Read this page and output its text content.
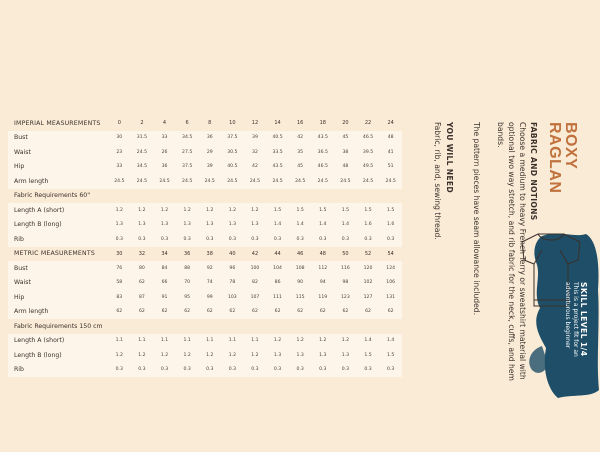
IMPERIAL MEASUREMENTS	0	2	4	6	8	10	12	14	16	18	20	22	24
Bust	30	31.5	33	34.5	36	37.5	39	40.5	42	43.5	45	46.5	48
Waist	23	24.5	26	27.5	29	30.5	32	33.5	35	36.5	38	39.5	41
Hip	33	34.5	36	37.5	39	40.5	42	43.5	45	46.5	48	49.5	51
Arm length	24.5	24.5	24.5	24.5	24.5	24.5	24.5	24.5	24.5	24.5	24.5	24.5	24.5
Fabric Requirements 60"													
Length A (short)	1.2	1.2	1.2	1.2	1.2	1.2	1.2	1.5	1.5	1.5	1.5	1.5	1.5
Length B (long)	1.3	1.3	1.3	1.3	1.3	1.3	1.3	1.4	1.4	1.4	1.4	1.6	1.6
Rib	0.3	0.3	0.3	0.3	0.3	0.3	0.3	0.3	0.3	0.3	0.3	0.3	0.3
METRIC MEASUREMENTS	30	32	34	36	38	40	42	44	46	48	50	52	54
Bust	76	80	84	88	92	96	100	104	108	112	116	120	124
Waist	58	62	66	70	74	78	82	86	90	94	98	102	106
Hip	83	87	91	95	99	103	107	111	115	119	123	127	131
Arm length	62	62	62	62	62	62	62	62	62	62	62	62	62
Fabric Requirements 150 cm													
Length A (short)	1.1	1.1	1.1	1.1	1.1	1.1	1.1	1.2	1.2	1.2	1.2	1.4	1.4
Length B (long)	1.2	1.2	1.2	1.2	1.2	1.2	1.2	1.3	1.3	1.3	1.3	1.5	1.5
Rib	0.3	0.3	0.3	0.3	0.3	0.3	0.3	0.3	0.3	0.3	0.3	0.3	0.3
BOXY
RAGLAN
FABRIC AND NOTIONS
Choose a medium to heavy French Terry or sweatshirt material with
optional two way stretch, and rib fabric for the neck, cuffs, and hem
bands.
The pattern pieces have seam allowance included.
YOU WILL NEED
Fabric, rib, and, sewing thread.
SKILL LEVEL 1/4
This is a project fit for an
adventurous beginner
